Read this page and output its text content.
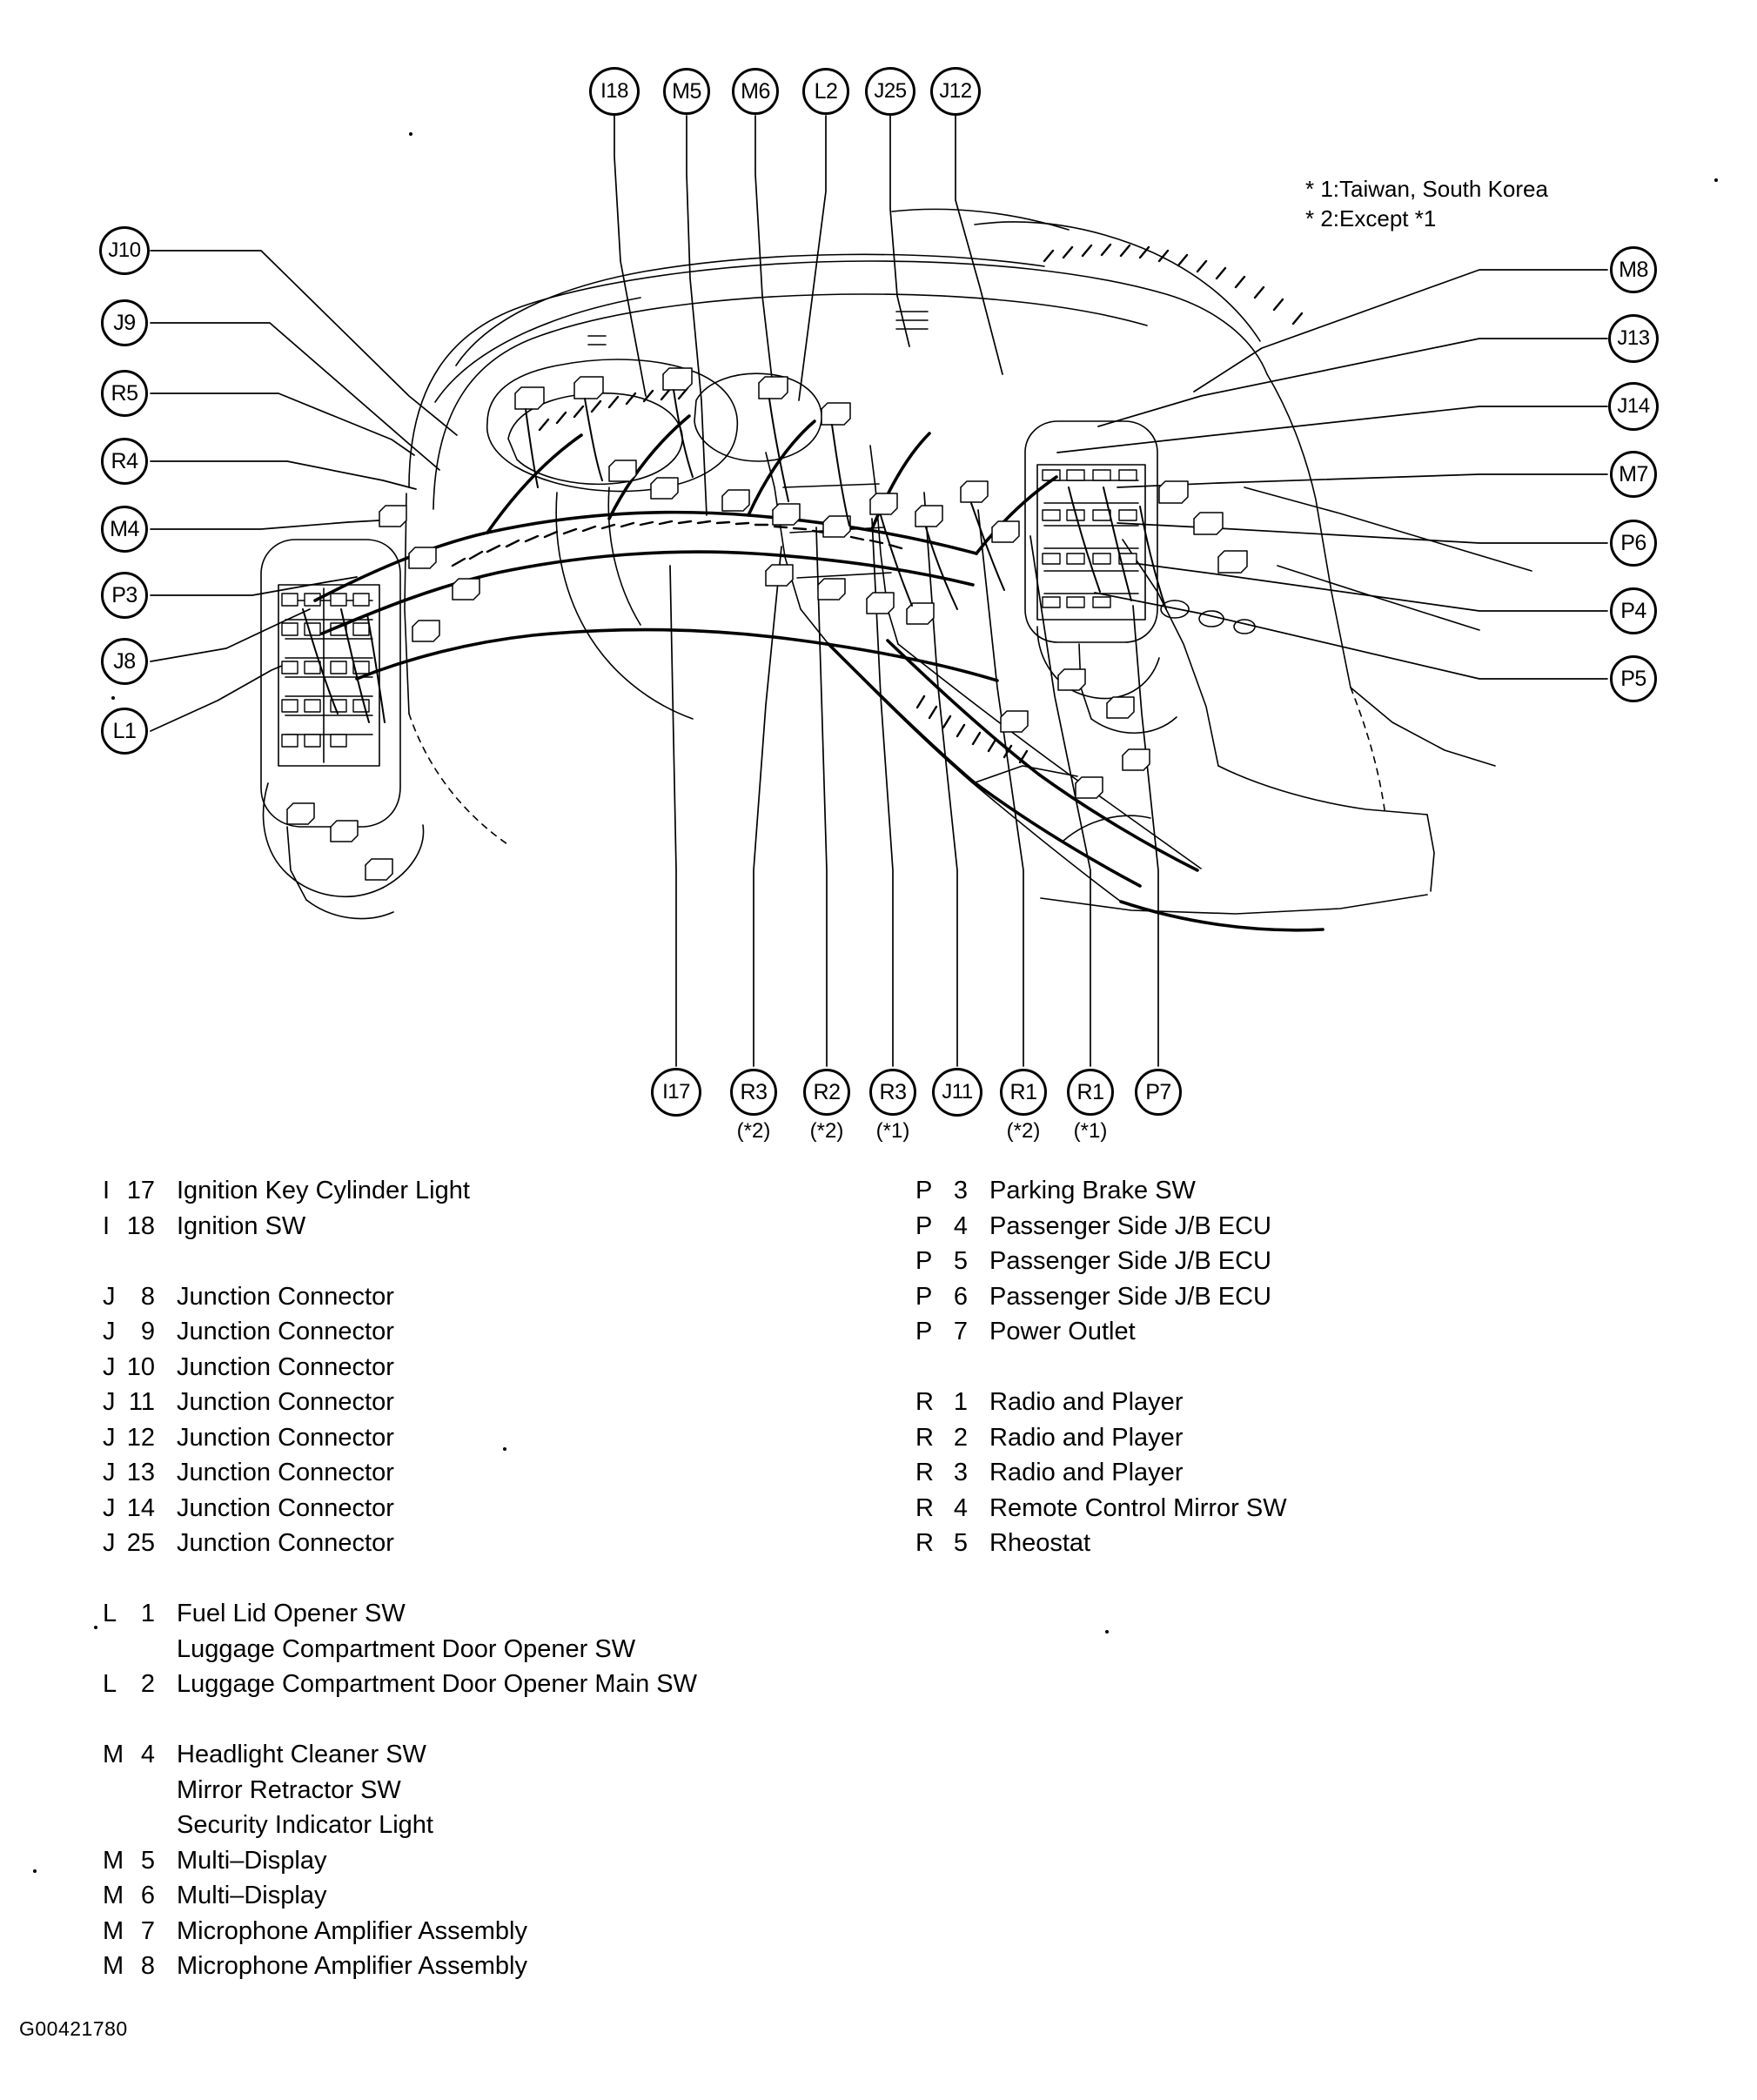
* 1:Taiwan, South Korea
* 2:Except *1
I18	M5	M6	L2	J25	J12
J10
J9
R5
R4
M4
P3
J8
L1
M8
J13
J14
M7
P6
P4
P5
I17	R3
(*2)
R2
(*2)
R3
(*1)
J11	R1
(*2)
R1
(*1)
P7
I 17 Ignition Key Cylinder Light
I 18 Ignition SW

J 8 Junction Connector
J 9 Junction Connector
J 10 Junction Connector
J 11 Junction Connector
J 12 Junction Connector
J 13 Junction Connector
J 14 Junction Connector
J 25 Junction Connector

L 1 Fuel Lid Opener SW
Luggage Compartment Door Opener SW
L 2 Luggage Compartment Door Opener Main SW

M 4 Headlight Cleaner SW
Mirror Retractor SW
Security Indicator Light
M 5 Multi–Display
M 6 Multi–Display
M 7 Microphone Amplifier Assembly
M 8 Microphone Amplifier Assembly
P 3 Parking Brake SW
P 4 Passenger Side J/B ECU
P 5 Passenger Side J/B ECU
P 6 Passenger Side J/B ECU
P 7 Power Outlet

R 1 Radio and Player
R 2 Radio and Player
R 3 Radio and Player
R 4 Remote Control Mirror SW
R 5 Rheostat
G00421780
